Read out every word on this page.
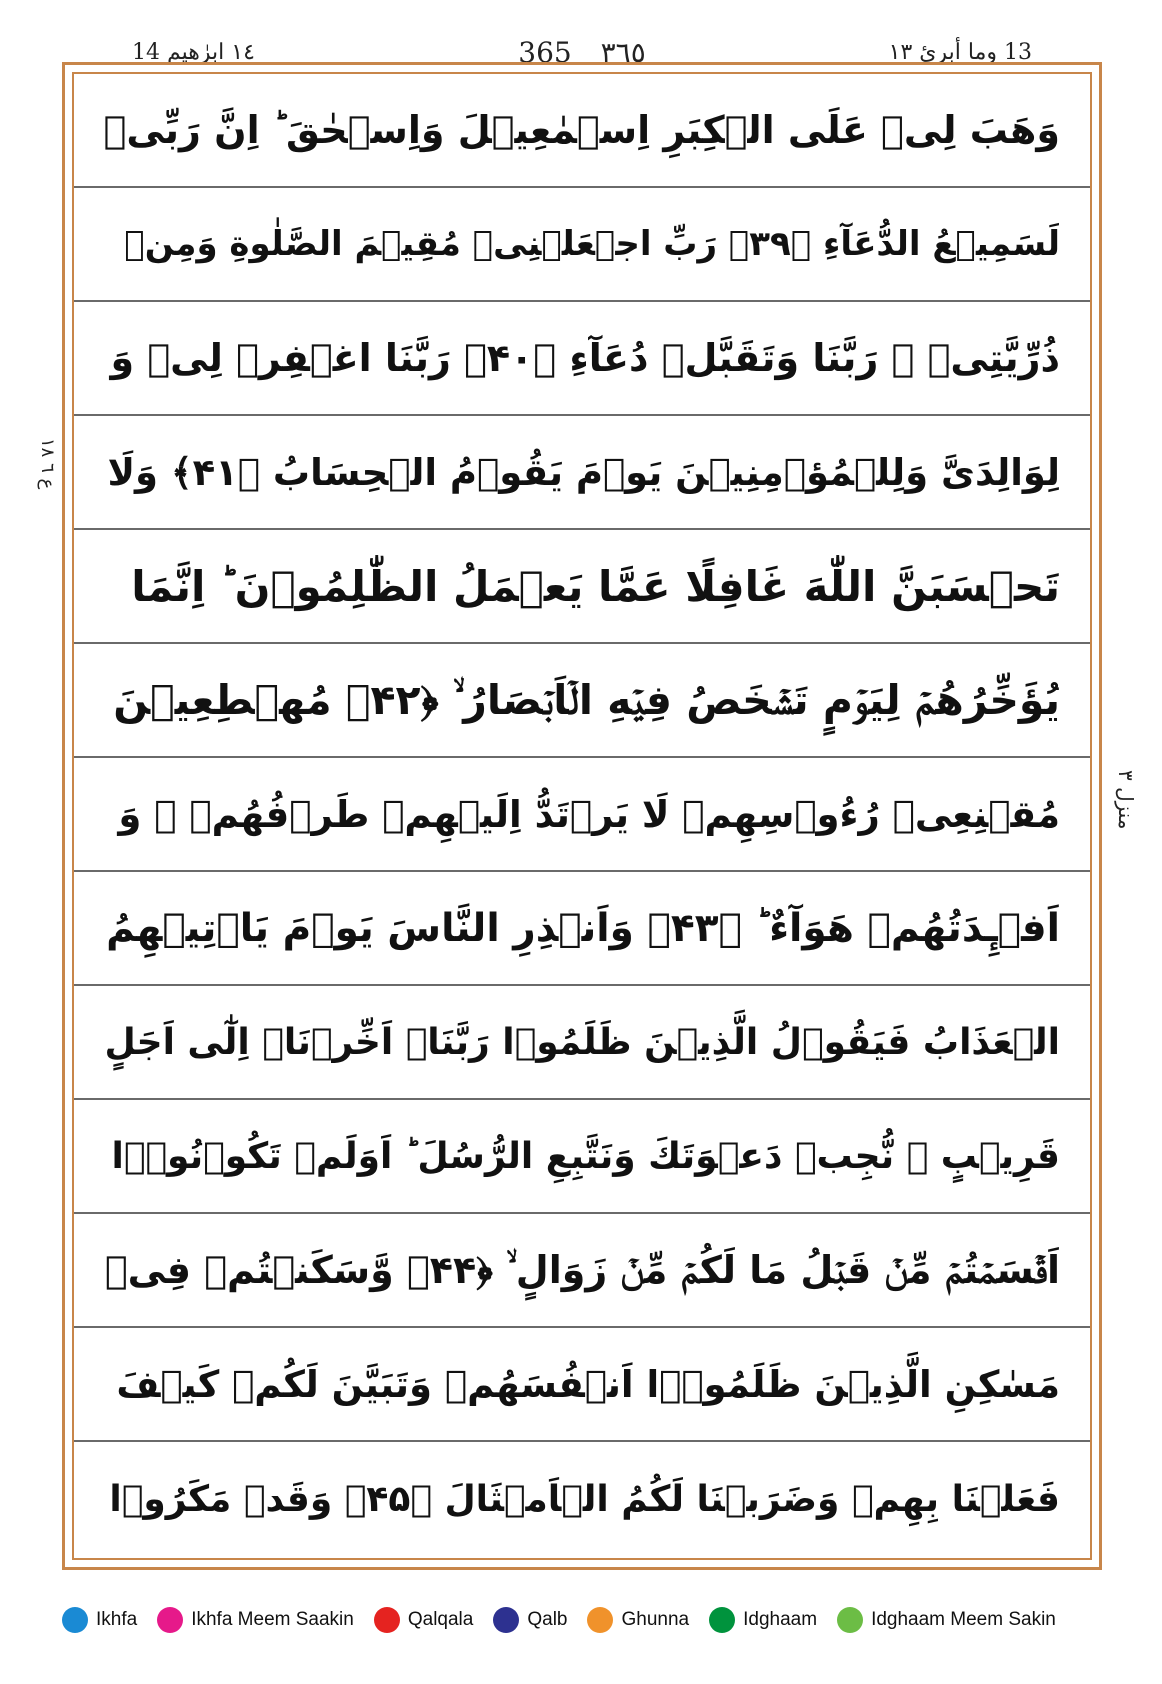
١٤ ابرٰهيم 14	٣٦٥ 365	13 وما أبرئ ١٣
ع ٦ ١٨
منزل ٣
وَهَبَ لِىۡ عَلَى الۡكِبَرِ اِسۡمٰعِيۡلَ وَاِسۡحٰقَ ؕ اِنَّ رَبِّىۡ
لَسَمِيۡعُ الدُّعَآءِ ﴿۳۹﴾ رَبِّ اجۡعَلۡنِىۡ مُقِيۡمَ الصَّلٰوةِ وَمِنۡ
ذُرِّيَّتِىۡ ۖ رَبَّنَا وَتَقَبَّلۡ دُعَآءِ ﴿۴۰﴾ رَبَّنَا اغۡفِرۡ لِىۡ وَ
لِوَالِدَىَّ وَلِلۡمُؤۡمِنِيۡنَ يَوۡمَ يَقُوۡمُ الۡحِسَابُ ﴿۴۱﴾ وَلَا
تَحۡسَبَنَّ اللّٰهَ غَافِلًا عَمَّا يَعۡمَلُ الظّٰلِمُوۡنَ ؕ اِنَّمَا
يُؤَخِّرُهُمۡ لِيَوۡمٍ تَشۡخَصُ فِيۡهِ الۡاَبۡصَارُ ۙ ﴿۴۲﴾ مُهۡطِعِيۡنَ
مُقۡنِعِىۡ رُءُوۡسِهِمۡ لَا يَرۡتَدُّ اِلَيۡهِمۡ طَرۡفُهُمۡ ۚ وَ
اَفۡـِٕدَتُهُمۡ هَوَآءٌ ؕ ﴿۴۳﴾ وَاَنۡذِرِ النَّاسَ يَوۡمَ يَاۡتِيۡهِمُ
الۡعَذَابُ فَيَقُوۡلُ الَّذِيۡنَ ظَلَمُوۡا رَبَّنَاۤ اَخِّرۡنَاۤ اِلٰٓى اَجَلٍ
قَرِيۡبٍ ۙ نُّجِبۡ دَعۡوَتَكَ وَنَتَّبِعِ الرُّسُلَ ؕ اَوَلَمۡ تَكُوۡنُوۡۤا
اَقۡسَمۡتُمۡ مِّنۡ قَبۡلُ مَا لَكُمۡ مِّنۡ زَوَالٍ ۙ ﴿۴۴﴾ وَّسَكَنۡتُمۡ فِىۡ
مَسٰكِنِ الَّذِيۡنَ ظَلَمُوۡۤا اَنۡفُسَهُمۡ وَتَبَيَّنَ لَكُمۡ كَيۡفَ
فَعَلۡنَا بِهِمۡ وَضَرَبۡنَا لَكُمُ الۡاَمۡثَالَ ﴿۴۵﴾ وَقَدۡ مَكَرُوۡا
Ikhfa	Ikhfa Meem Saakin	Qalqala	Qalb	Ghunna	Idghaam	Idghaam Meem Sakin
